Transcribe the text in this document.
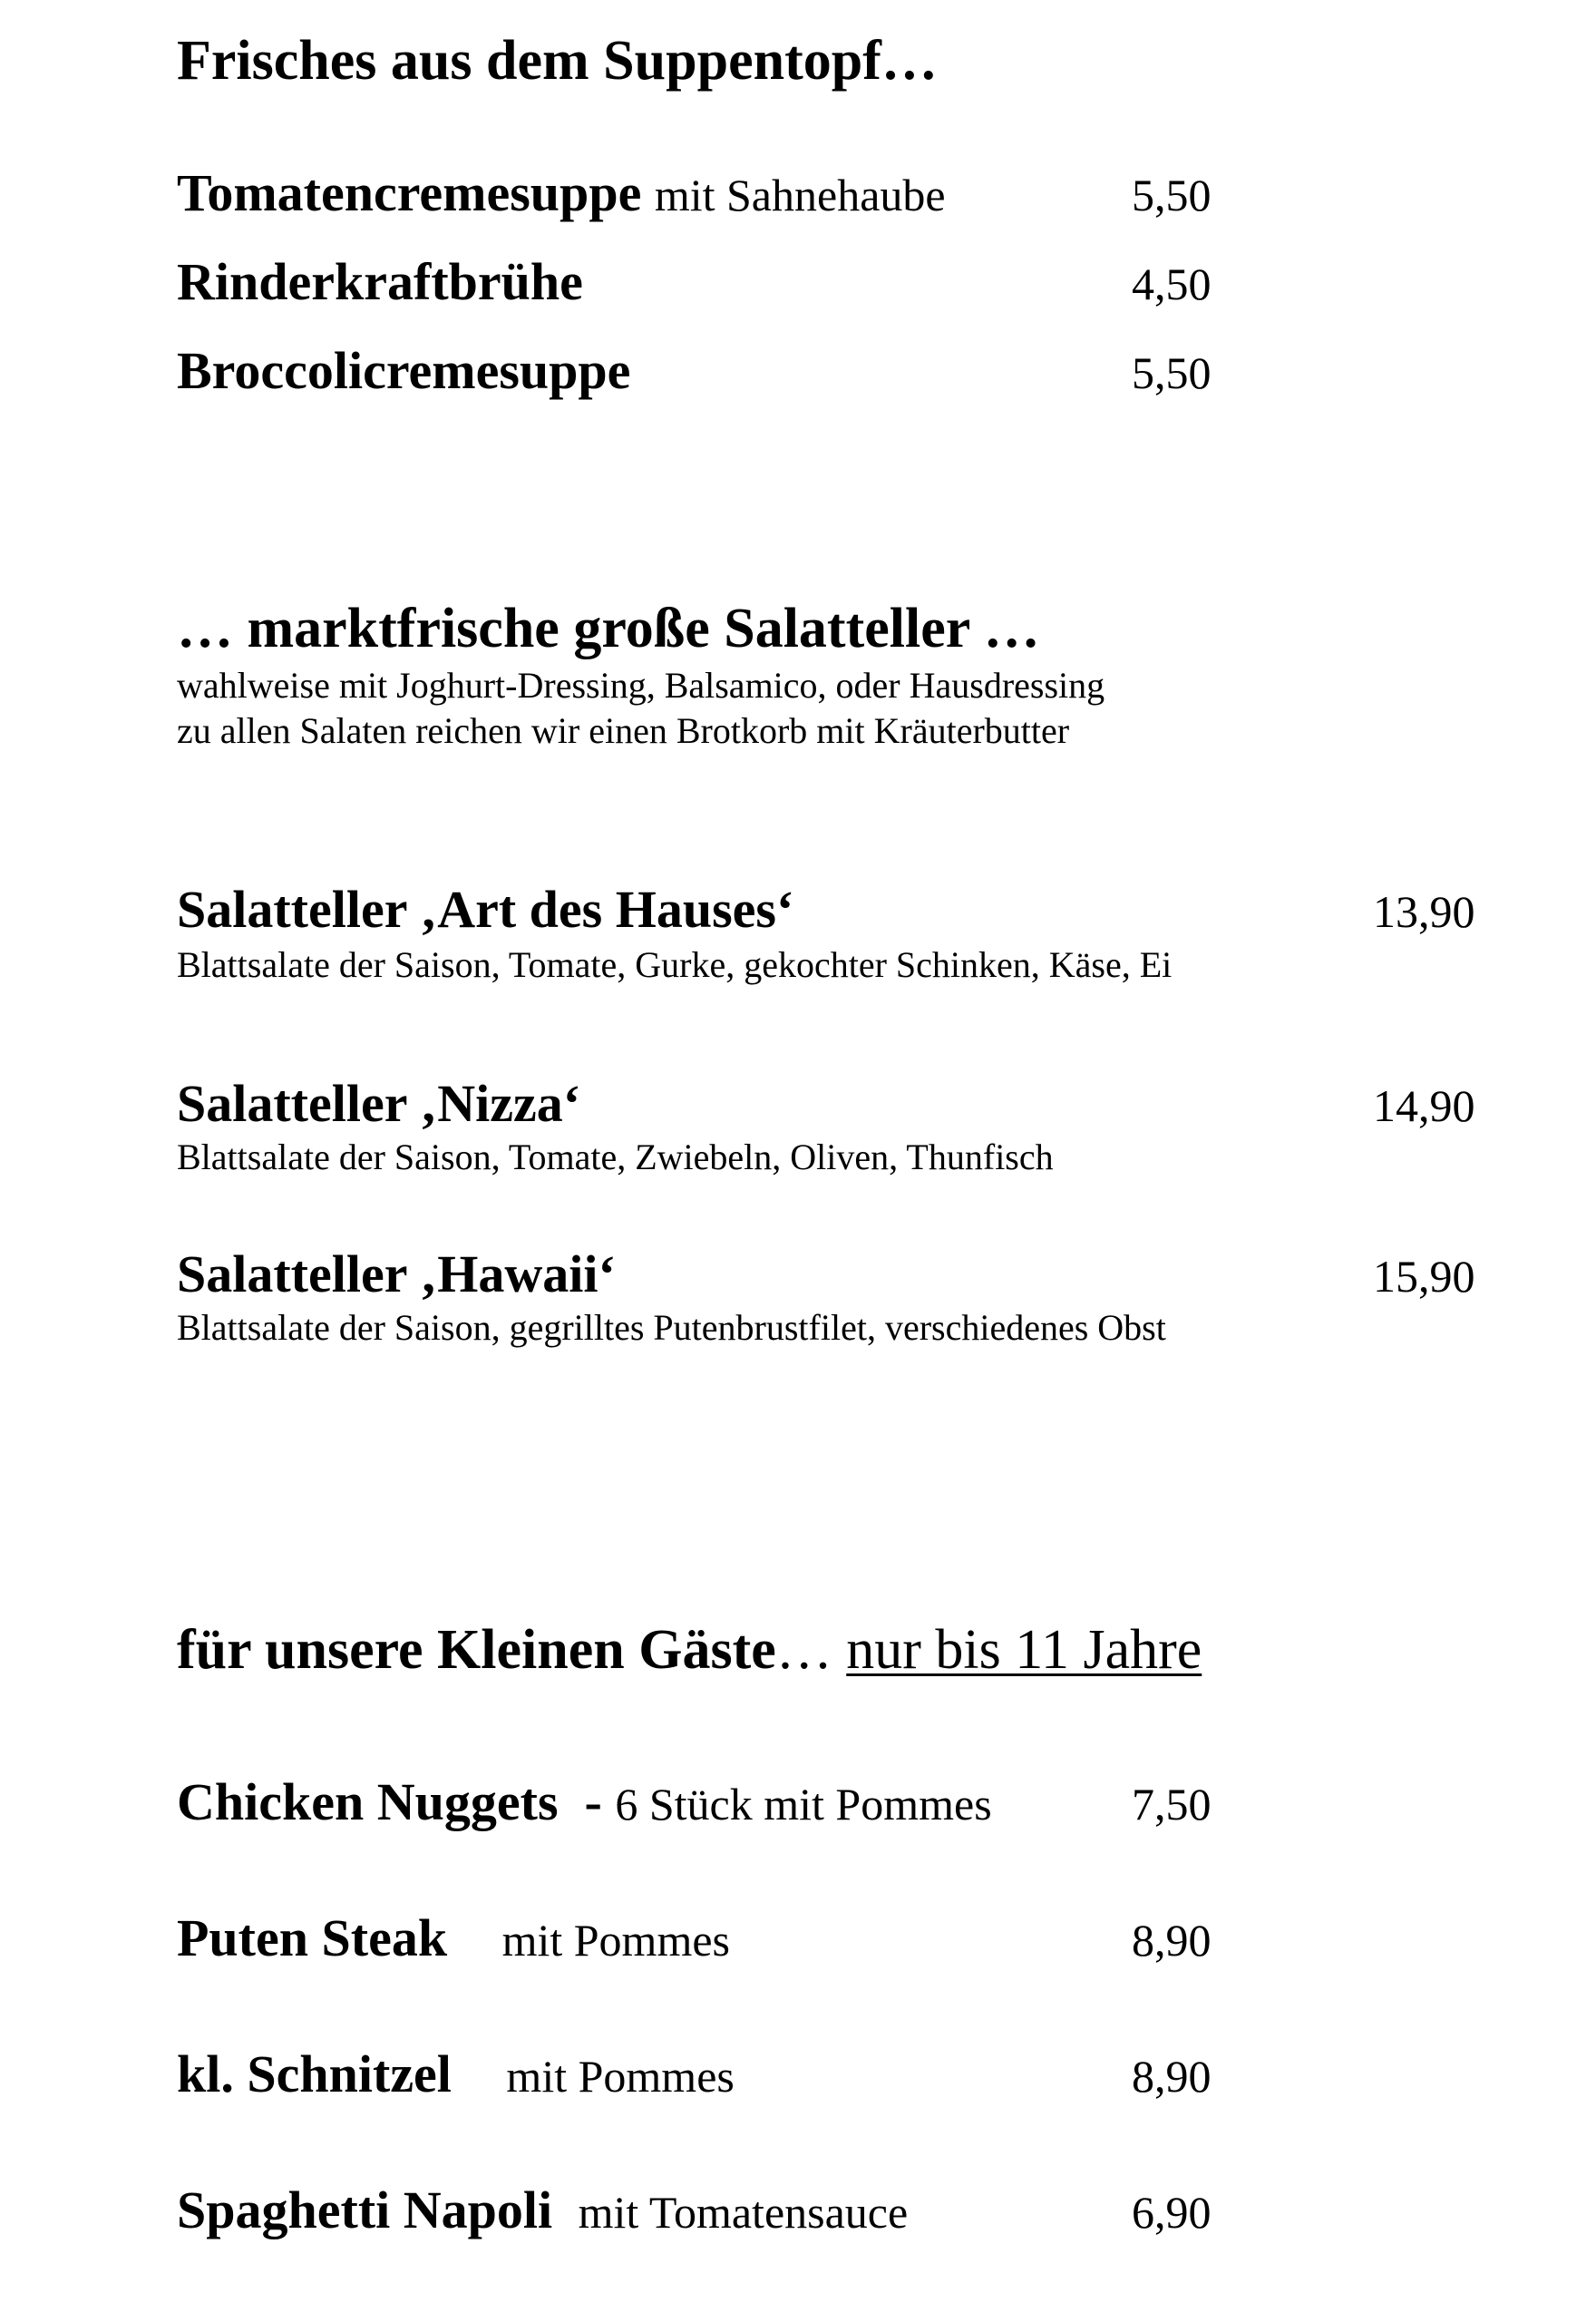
Frisches aus dem Suppentopf…
Tomatencremesuppe mit Sahnehaube	5,50
Rinderkraftbrühe	4,50
Broccolicremesuppe	5,50
… marktfrische große Salatteller …
wahlweise mit Joghurt-Dressing, Balsamico, oder Hausdressing
zu allen Salaten reichen wir einen Brotkorb mit Kräuterbutter
Salatteller ‚Art des Hauses‘	13,90
Blattsalate der Saison, Tomate, Gurke, gekochter Schinken, Käse, Ei
Salatteller ‚Nizza‘	14,90
Blattsalate der Saison, Tomate, Zwiebeln, Oliven, Thunfisch
Salatteller ‚Hawaii‘	15,90
Blattsalate der Saison, gegrilltes Putenbrustfilet, verschiedenes Obst
für unsere Kleinen Gäste… nur bis 11 Jahre
Chicken Nuggets  - 6 Stück mit Pommes	7,50
Puten Steak mit Pommes	8,90
kl. Schnitzel mit Pommes	8,90
Spaghetti Napoli mit Tomatensauce	6,90
